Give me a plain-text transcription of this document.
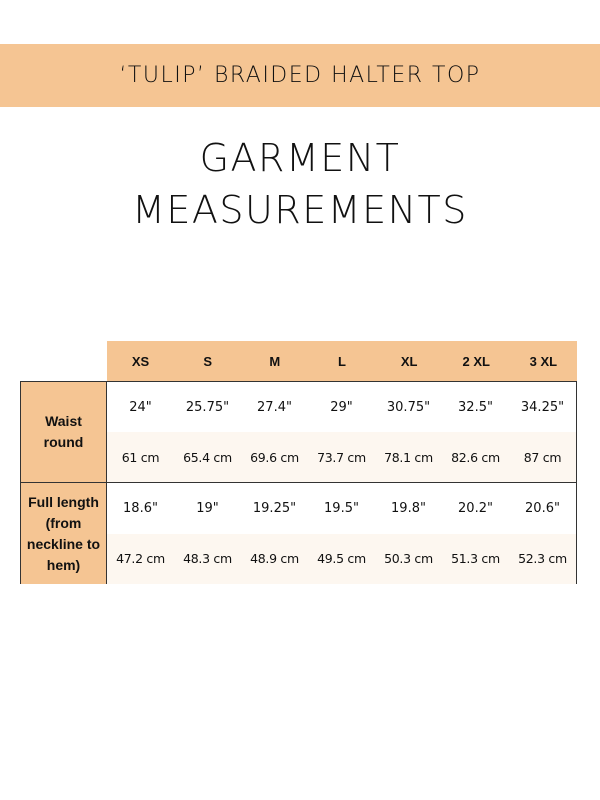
‘TULIP’ BRAIDED HALTER TOP
GARMENT
MEASUREMENTS
XS	S	M	L	XL	2 XL	3 XL
Waist
round
24"	25.75"	27.4"	29"	30.75"	32.5"	34.25"
61 cm	65.4 cm	69.6 cm	73.7 cm	78.1 cm	82.6 cm	87 cm
Full length
(from
neckline to
hem)
18.6"	19"	19.25"	19.5"	19.8"	20.2"	20.6"
47.2 cm	48.3 cm	48.9 cm	49.5 cm	50.3 cm	51.3 cm	52.3 cm
